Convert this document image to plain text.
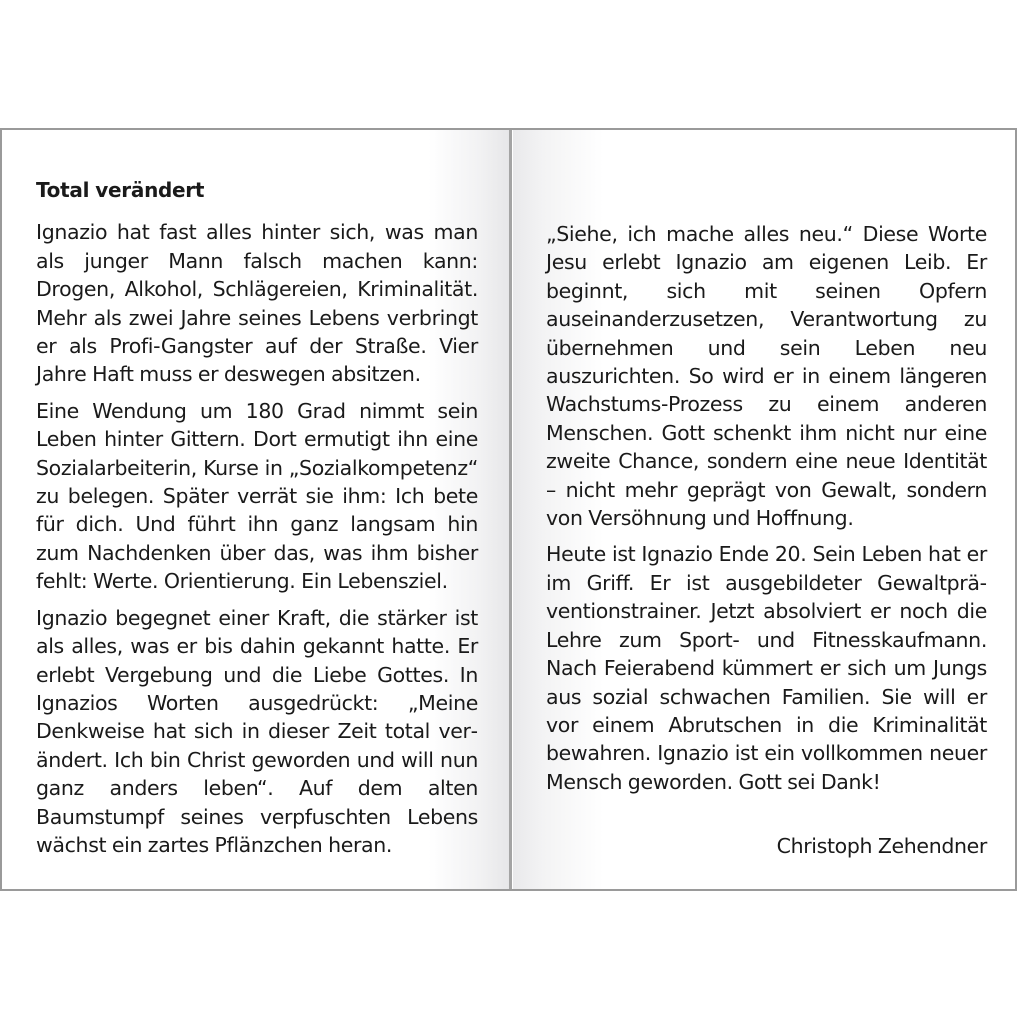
Total verändert

Ignazio hat fast alles hinter sich, was man als junger Mann falsch machen kann: Drogen, Alkohol, Schlägereien, Kriminalität. Mehr als zwei Jahre seines Lebens verbringt er als Profi-Gangster auf der Straße. Vier Jahre Haft muss er deswegen absitzen.

Eine Wendung um 180 Grad nimmt sein Leben hinter Gittern. Dort ermutigt ihn eine Sozialarbeiterin, Kurse in „Sozialkompetenz“ zu belegen. Später verrät sie ihm: Ich bete für dich. Und führt ihn ganz langsam hin zum Nachdenken über das, was ihm bisher fehlt: Werte. Orientierung. Ein Lebensziel.

Ignazio begegnet einer Kraft, die stärker ist als alles, was er bis dahin gekannt hatte. Er erlebt Vergebung und die Liebe Gottes. In Ignazios Worten ausgedrückt: „Meine Denkweise hat sich in dieser Zeit total verändert. Ich bin Christ geworden und will nun ganz anders leben“. Auf dem alten Baumstumpf seines verpfuschten Lebens wächst ein zartes Pflänzchen heran.

„Siehe, ich mache alles neu.“ Diese Worte Jesu erlebt Ignazio am eigenen Leib. Er beginnt, sich mit seinen Opfern auseinanderzusetzen, Verantwortung zu übernehmen und sein Leben neu auszurichten. So wird er in einem längeren Wachstums-Prozess zu einem anderen Menschen. Gott schenkt ihm nicht nur eine zweite Chance, sondern eine neue Identität – nicht mehr geprägt von Gewalt, sondern von Versöhnung und Hoffnung.

Heute ist Ignazio Ende 20. Sein Leben hat er im Griff. Er ist ausgebildeter Gewaltpräventionstrainer. Jetzt absolviert er noch die Lehre zum Sport- und Fitnesskaufmann. Nach Feierabend kümmert er sich um Jungs aus sozial schwachen Familien. Sie will er vor einem Abrutschen in die Kriminalität bewahren. Ignazio ist ein vollkommen neuer Mensch geworden. Gott sei Dank!

Christoph Zehendner
